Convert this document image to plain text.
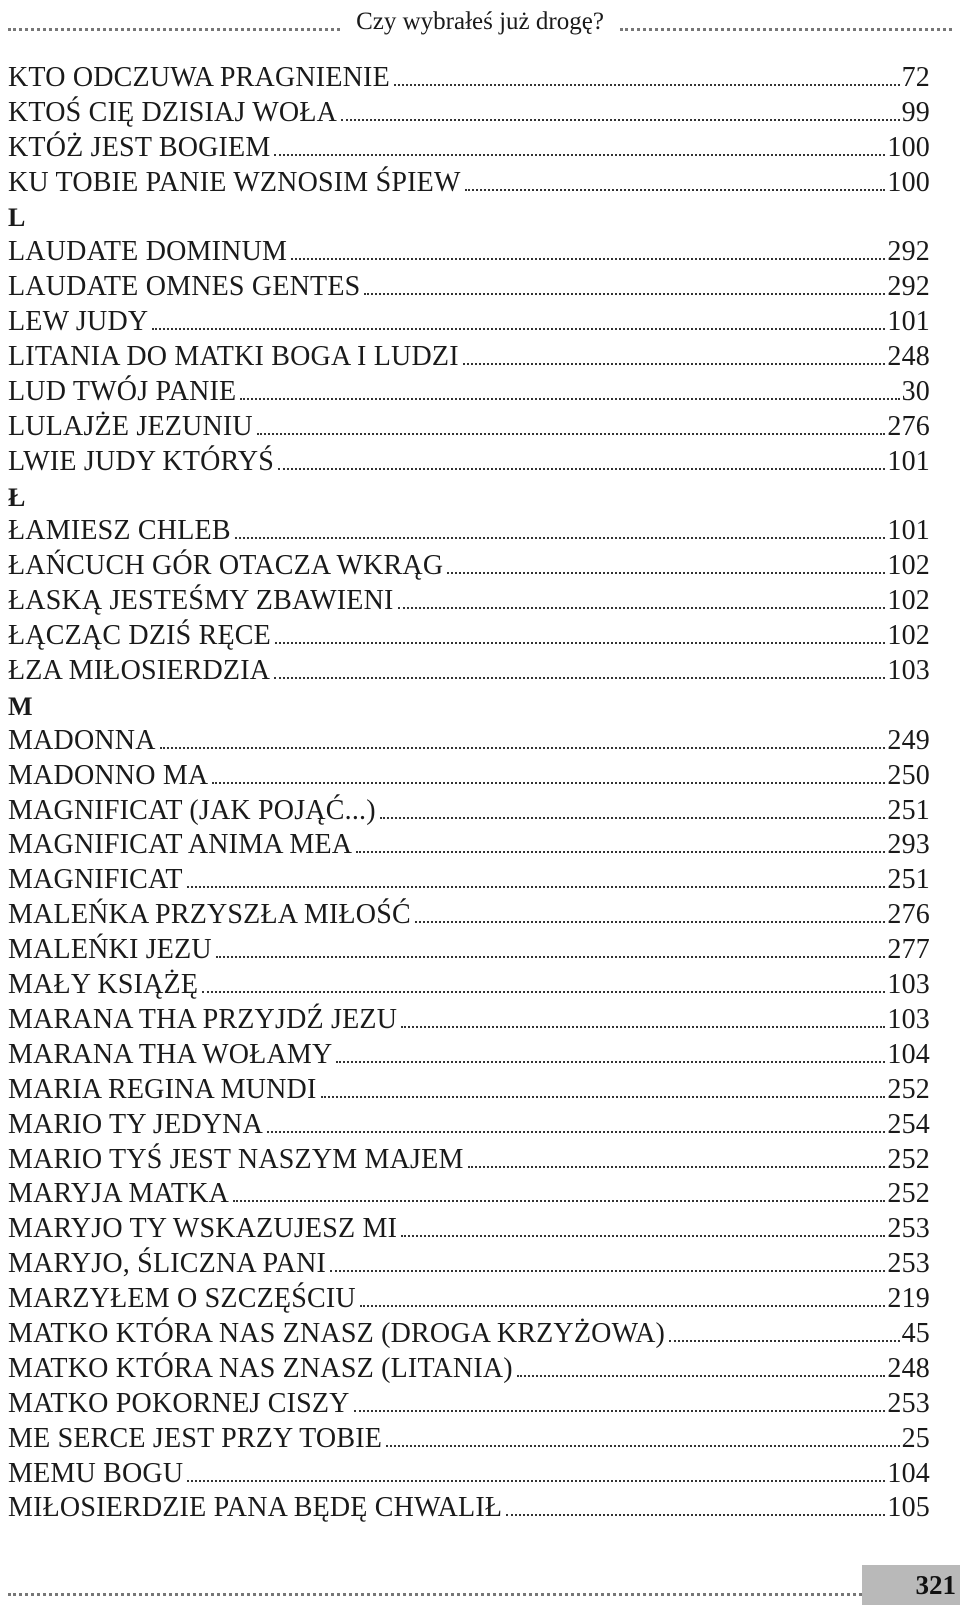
Czy wybrałeś już drogę?
KTO ODCZUWA PRAGNIENIE	72
KTOŚ CIĘ DZISIAJ WOŁA	99
KTÓŻ JEST BOGIEM	100
KU TOBIE PANIE WZNOSIM ŚPIEW	100
L
LAUDATE DOMINUM	292
LAUDATE OMNES GENTES	292
LEW JUDY	101
LITANIA DO MATKI BOGA I LUDZI	248
LUD TWÓJ PANIE	30
LULAJŻE JEZUNIU	276
LWIE JUDY KTÓRYŚ	101
Ł
ŁAMIESZ CHLEB	101
ŁAŃCUCH GÓR OTACZA WKRĄG	102
ŁASKĄ JESTEŚMY ZBAWIENI	102
ŁĄCZĄC DZIŚ RĘCE	102
ŁZA MIŁOSIERDZIA	103
M
MADONNA	249
MADONNO MA	250
MAGNIFICAT (JAK POJĄĆ...)	251
MAGNIFICAT ANIMA MEA	293
MAGNIFICAT	251
MALEŃKA PRZYSZŁA MIŁOŚĆ	276
MALEŃKI JEZU	277
MAŁY KSIĄŻĘ	103
MARANA THA PRZYJDŹ JEZU	103
MARANA THA WOŁAMY	104
MARIA REGINA MUNDI	252
MARIO TY JEDYNA	254
MARIO TYŚ JEST NASZYM MAJEM	252
MARYJA MATKA	252
MARYJO TY WSKAZUJESZ MI	253
MARYJO, ŚLICZNA PANI	253
MARZYŁEM O SZCZĘŚCIU	219
MATKO KTÓRA NAS ZNASZ (DROGA KRZYŻOWA)	45
MATKO KTÓRA NAS ZNASZ (LITANIA)	248
MATKO POKORNEJ CISZY	253
ME SERCE JEST PRZY TOBIE	25
MEMU BOGU	104
MIŁOSIERDZIE PANA BĘDĘ CHWALIŁ	105
321
